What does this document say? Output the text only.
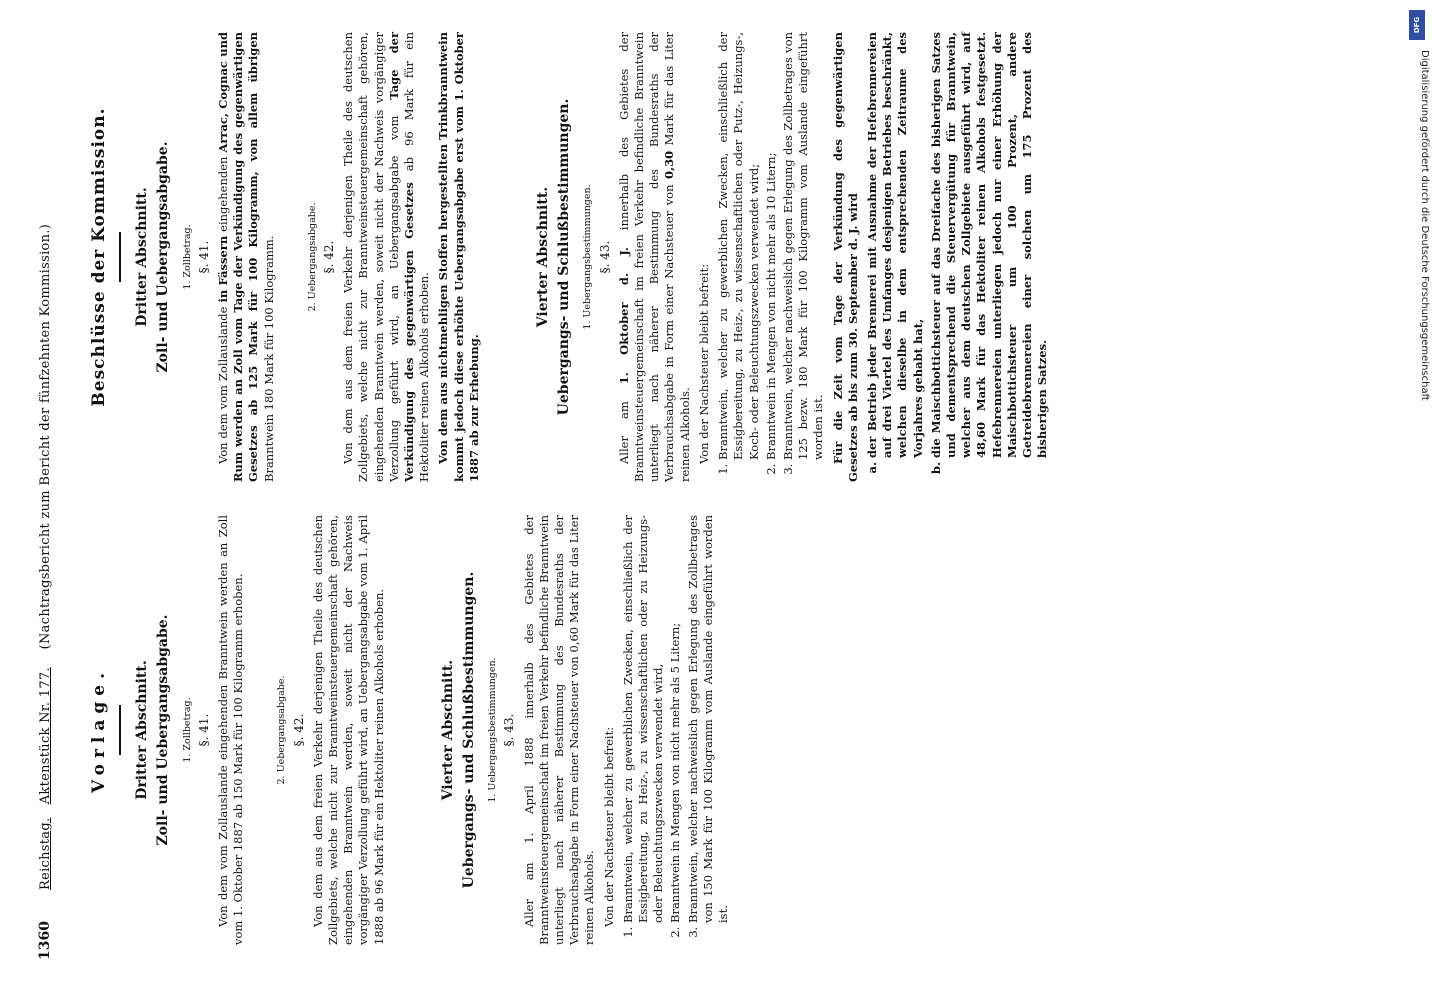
1360
Reichstag.   Aktenstück Nr. 177.    (Nachtragsbericht zum Bericht der fünfzehnten Kommission.)
Vorlage. Dritter Abschnitt. Zoll- und Uebergangsabgabe. 1. Zollbetrag. §. 41. Von dem vom Zollauslande eingehenden Branntwein werden an Zoll vom 1. Oktober 1887 ab 150 Mark für 100 Kilogramm erhoben.	2. Uebergangsabgabe. §. 42. Von dem aus dem freien Verkehr derjenigen Theile des deutschen Zollgebiets, welche nicht zur Branntweinsteuergemeinschaft gehören, eingehenden Branntwein werden, soweit nicht der Nachweis vorgängiger Verzollung geführt wird, an Uebergangsabgabe vom 1. April 1888 ab 96 Mark für ein Hektoliter reinen Alkohols erhoben.	Vierter Abschnitt. Uebergangs- und Schlußbestimmungen. 1. Uebergangsbestimmungen. §. 43. Aller am 1. April 1888 innerhalb des Gebietes der Branntweinsteuergemeinschaft im freien Verkehr befindliche Branntwein unterliegt nach näherer Bestimmung des Bundesraths der Verbrauchsabgabe in Form einer Nachsteuer von 0,60 Mark für das Liter reinen Alkohols. Von der Nachsteuer bleibt befreit: 1. Branntwein, welcher zu gewerblichen Zwecken, einschließlich der Essigbereitung, zu Heiz-, zu wissenschaftlichen oder zu Heizungs- oder Beleuchtungszwecken verwendet wird, 2. Branntwein in Mengen von nicht mehr als 5 Litern; 3. Branntwein, welcher nachweislich gegen Erlegung des Zollbetrages von 150 Mark für 100 Kilogramm vom Auslande eingeführt worden ist.
Beschlüsse der Kommission. Dritter Abschnitt. Zoll- und Uebergangsabgabe. 1. Zollbetrag. §. 41.

Von dem vom Zollauslande in Fässern eingehenden Arrac, Cognac und Rum werden an Zoll vom Tage der Verkündigung des gegenwärtigen Gesetzes ab 125 Mark für 100 Kilogramm, von allem übrigen Branntwein 180 Mark für 100 Kilogramm.	2. Uebergangsabgabe. §. 42. Von dem aus dem freien Verkehr derjenigen Theile des deutschen Zollgebiets, welche nicht zur Branntweinsteuergemeinschaft gehören, eingehenden Branntwein werden, soweit nicht der Nachweis vorgängiger Verzollung geführt wird, an Uebergangsabgabe vom Tage der Verkündigung des gegenwärtigen Gesetzes ab 96 Mark für ein Hektoliter reinen Alkohols erhoben. Von dem aus nichtmehligen Stoffen hergestellten Trinkbranntwein kommt jedoch diese erhöhte Uebergangsabgabe erst vom 1. Oktober 1887 ab zur Erhebung.

Vierter Abschnitt. Uebergangs- und Schlußbestimmungen. 1. Uebergangsbestimmungen. §. 43.

Aller am 1. Oktober d. J. innerhalb des Gebietes der Branntweinsteuergemeinschaft im freien Verkehr befindliche Branntwein unterliegt nach näherer Bestimmung des Bundesraths der Verbrauchsabgabe in Form einer Nachsteuer von 0,30 Mark für das Liter reinen Alkohols. Von der Nachsteuer bleibt befreit: 1. Branntwein, welcher zu gewerblichen Zwecken, einschließlich der Essigbereitung, zu Heiz-, zu wissenschaftlichen oder Putz-, Heizungs-, Koch- oder Beleuchtungszwecken verwendet wird; 2. Branntwein in Mengen von nicht mehr als 10 Litern; 3. Branntwein, welcher nachweislich gegen Erlegung des Zollbetrages von 125 bezw. 180 Mark für 100 Kilogramm vom Auslande eingeführt worden ist. Für die Zeit vom Tage der Verkündung des gegenwärtigen Gesetzes ab bis zum 30. September d. J. wird a. der Betrieb jeder Brennerei mit Ausnahme der Hefebrennereien auf drei Viertel des Umfanges desjenigen Betriebes beschränkt, welchen dieselbe in dem entsprechenden Zeitraume des Vorjahres gehabt hat, b. die Maischbottichsteuer auf das Dreifache des bisherigen Satzes und dementsprechend die Steuervergütung für Branntwein, welcher aus dem deutschen Zollgebiete ausgeführt wird, auf 48,60 Mark für das Hektoliter reinen Alkohols festgesetzt. Hefebrennereien unterliegen jedoch nur einer Erhöhung der Maischbottichsteuer um 100 Prozent, andere Getreidebrennereien einer solchen um 175 Prozent des bisherigen Satzes.
DFG
Digitalisierung gefördert durch die Deutsche Forschungsgemeinschaft
